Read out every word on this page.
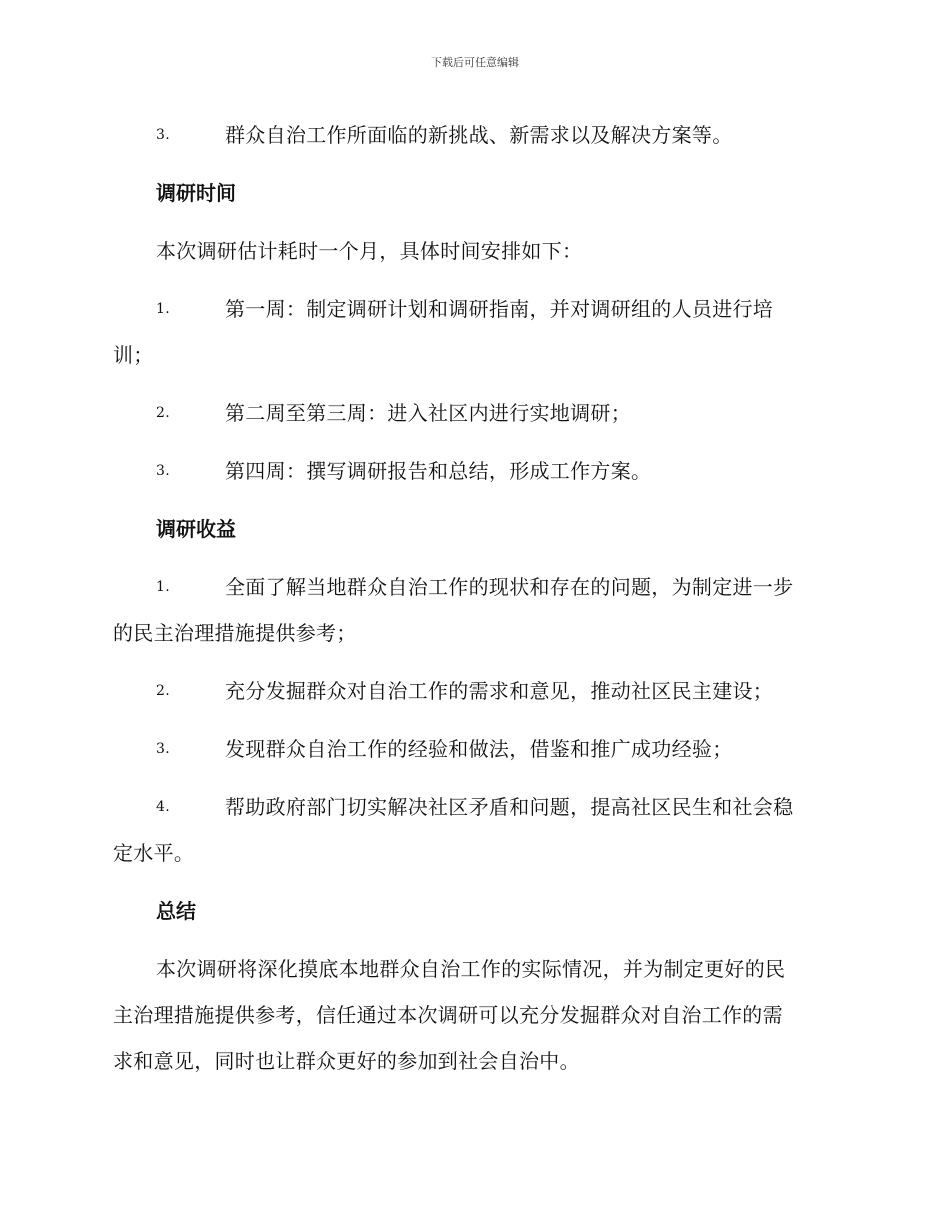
下载后可任意编辑
3.	群众自治工作所面临的新挑战、新需求以及解决方案等。
调研时间
本次调研估计耗时一个月，具体时间安排如下：
1.	第一周：制定调研计划和调研指南，并对调研组的人员进行培
训；
2.	第二周至第三周：进入社区内进行实地调研；
3.	第四周：撰写调研报告和总结，形成工作方案。
调研收益
1.	全面了解当地群众自治工作的现状和存在的问题，为制定进一步
的民主治理措施提供参考；
2.	充分发掘群众对自治工作的需求和意见，推动社区民主建设；
3.	发现群众自治工作的经验和做法，借鉴和推广成功经验；
4.	帮助政府部门切实解决社区矛盾和问题，提高社区民生和社会稳
定水平。
总结
本次调研将深化摸底本地群众自治工作的实际情况，并为制定更好的民
主治理措施提供参考，信任通过本次调研可以充分发掘群众对自治工作的需
求和意见，同时也让群众更好的参加到社会自治中。
